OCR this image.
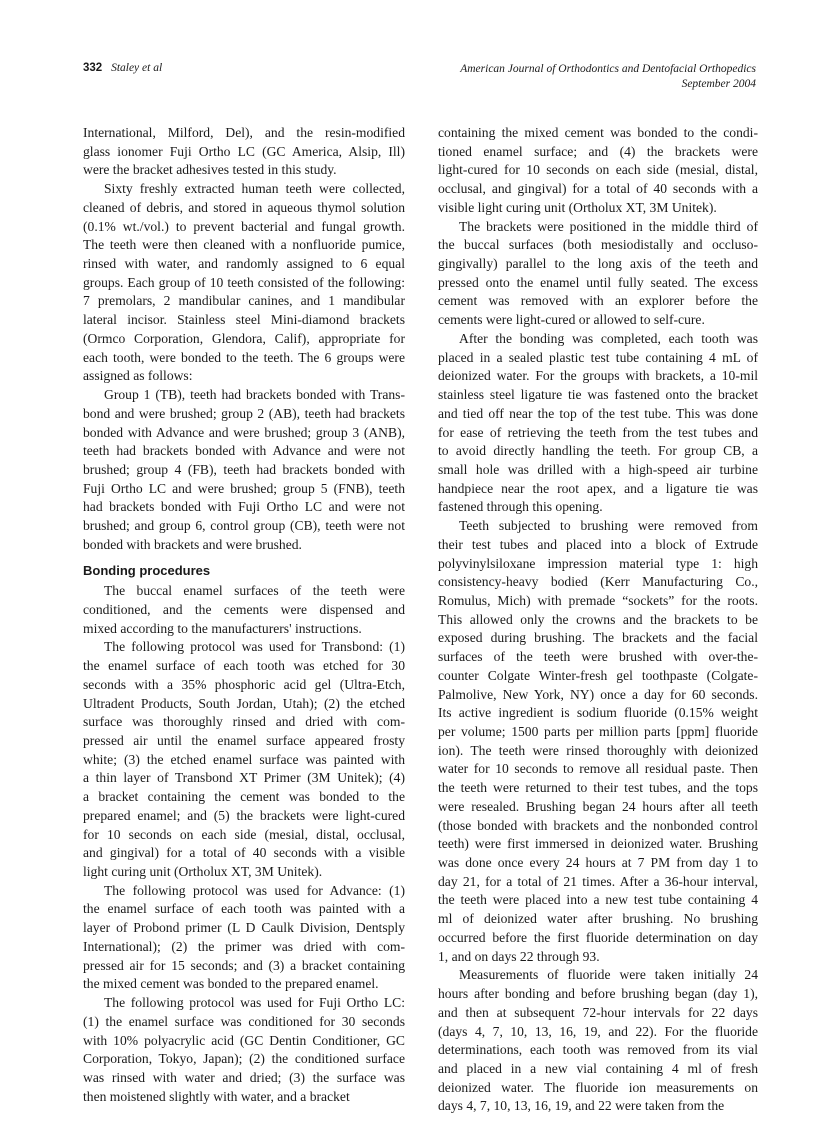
332 Staley et al	American Journal of Orthodontics and Dentofacial Orthopedics
September 2004
International, Milford, Del), and the resin-modified
glass ionomer Fuji Ortho LC (GC America, Alsip, Ill)
were the bracket adhesives tested in this study.
Sixty freshly extracted human teeth were collected,
cleaned of debris, and stored in aqueous thymol solution
(0.1% wt./vol.) to prevent bacterial and fungal growth.
The teeth were then cleaned with a nonfluoride pumice,
rinsed with water, and randomly assigned to 6 equal
groups. Each group of 10 teeth consisted of the following:
7 premolars, 2 mandibular canines, and 1 mandibular
lateral incisor. Stainless steel Mini-diamond brackets
(Ormco Corporation, Glendora, Calif), appropriate for
each tooth, were bonded to the teeth. The 6 groups were
assigned as follows:
Group 1 (TB), teeth had brackets bonded with Trans-
bond and were brushed; group 2 (AB), teeth had brackets
bonded with Advance and were brushed; group 3 (ANB),
teeth had brackets bonded with Advance and were not
brushed; group 4 (FB), teeth had brackets bonded with
Fuji Ortho LC and were brushed; group 5 (FNB), teeth
had brackets bonded with Fuji Ortho LC and were not
brushed; and group 6, control group (CB), teeth were not
bonded with brackets and were brushed.
Bonding procedures
The buccal enamel surfaces of the teeth were
conditioned, and the cements were dispensed and
mixed according to the manufacturers' instructions.
The following protocol was used for Transbond: (1)
the enamel surface of each tooth was etched for 30
seconds with a 35% phosphoric acid gel (Ultra-Etch,
Ultradent Products, South Jordan, Utah); (2) the etched
surface was thoroughly rinsed and dried with com-
pressed air until the enamel surface appeared frosty
white; (3) the etched enamel surface was painted with
a thin layer of Transbond XT Primer (3M Unitek); (4)
a bracket containing the cement was bonded to the
prepared enamel; and (5) the brackets were light-cured
for 10 seconds on each side (mesial, distal, occlusal,
and gingival) for a total of 40 seconds with a visible
light curing unit (Ortholux XT, 3M Unitek).
The following protocol was used for Advance: (1)
the enamel surface of each tooth was painted with a
layer of Probond primer (L D Caulk Division, Dentsply
International); (2) the primer was dried with com-
pressed air for 15 seconds; and (3) a bracket containing
the mixed cement was bonded to the prepared enamel.
The following protocol was used for Fuji Ortho LC:
(1) the enamel surface was conditioned for 30 seconds
with 10% polyacrylic acid (GC Dentin Conditioner, GC
Corporation, Tokyo, Japan); (2) the conditioned surface
was rinsed with water and dried; (3) the surface was
then moistened slightly with water, and a bracket
containing the mixed cement was bonded to the condi-
tioned enamel surface; and (4) the brackets were
light-cured for 10 seconds on each side (mesial, distal,
occlusal, and gingival) for a total of 40 seconds with a
visible light curing unit (Ortholux XT, 3M Unitek).
The brackets were positioned in the middle third of
the buccal surfaces (both mesiodistally and occluso-
gingivally) parallel to the long axis of the teeth and
pressed onto the enamel until fully seated. The excess
cement was removed with an explorer before the
cements were light-cured or allowed to self-cure.
After the bonding was completed, each tooth was
placed in a sealed plastic test tube containing 4 mL of
deionized water. For the groups with brackets, a 10-mil
stainless steel ligature tie was fastened onto the bracket
and tied off near the top of the test tube. This was done
for ease of retrieving the teeth from the test tubes and
to avoid directly handling the teeth. For group CB, a
small hole was drilled with a high-speed air turbine
handpiece near the root apex, and a ligature tie was
fastened through this opening.
Teeth subjected to brushing were removed from
their test tubes and placed into a block of Extrude
polyvinylsiloxane impression material type 1: high
consistency-heavy bodied (Kerr Manufacturing Co.,
Romulus, Mich) with premade “sockets” for the roots.
This allowed only the crowns and the brackets to be
exposed during brushing. The brackets and the facial
surfaces of the teeth were brushed with over-the-
counter Colgate Winter-fresh gel toothpaste (Colgate-
Palmolive, New York, NY) once a day for 60 seconds.
Its active ingredient is sodium fluoride (0.15% weight
per volume; 1500 parts per million parts [ppm] fluoride
ion). The teeth were rinsed thoroughly with deionized
water for 10 seconds to remove all residual paste. Then
the teeth were returned to their test tubes, and the tops
were resealed. Brushing began 24 hours after all teeth
(those bonded with brackets and the nonbonded control
teeth) were first immersed in deionized water. Brushing
was done once every 24 hours at 7 PM from day 1 to
day 21, for a total of 21 times. After a 36-hour interval,
the teeth were placed into a new test tube containing 4
ml of deionized water after brushing. No brushing
occurred before the first fluoride determination on day
1, and on days 22 through 93.
Measurements of fluoride were taken initially 24
hours after bonding and before brushing began (day 1),
and then at subsequent 72-hour intervals for 22 days
(days 4, 7, 10, 13, 16, 19, and 22). For the fluoride
determinations, each tooth was removed from its vial
and placed in a new vial containing 4 ml of fresh
deionized water. The fluoride ion measurements on
days 4, 7, 10, 13, 16, 19, and 22 were taken from the
